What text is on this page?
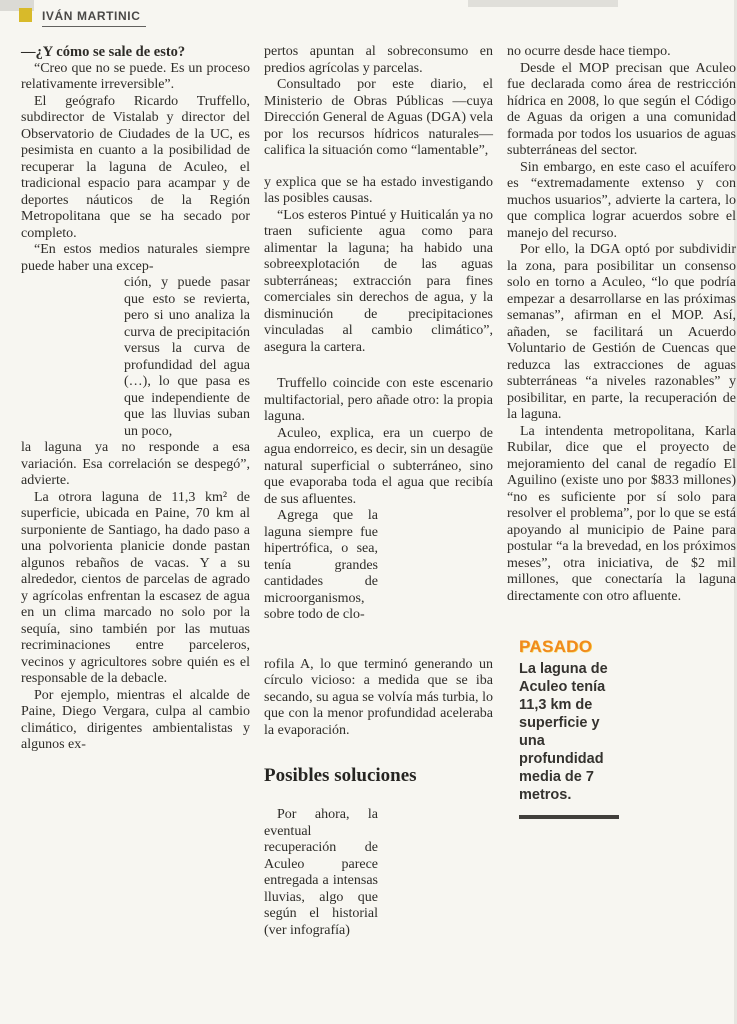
IVÁN MARTINIC

—¿Y cómo se sale de esto?

“Creo que no se puede. Es un proceso relativamente irreversible”.

El geógrafo Ricardo Truffello, subdirector de Vistalab y director del Observatorio de Ciudades de la UC, es pesimista en cuanto a la posibilidad de recuperar la laguna de Aculeo, el tradicional espacio para acampar y de deportes náuticos de la Región Metropolitana que se ha secado por completo.

“En estos medios naturales siempre puede haber una excep-

ción, y puede pasar que esto se revierta, pero si uno analiza la curva de precipitación versus la curva de profundidad del agua (…), lo que pasa es que independiente de que las lluvias suban un poco,

la laguna ya no responde a esa variación. Esa correlación se despegó”, advierte.

La otrora laguna de 11,3 km² de superficie, ubicada en Paine, 70 km al surponiente de Santiago, ha dado paso a una polvorienta planicie donde pastan algunos rebaños de vacas. Y a su alrededor, cientos de parcelas de agrado y agrícolas enfrentan la escasez de agua en un clima marcado no solo por la sequía, sino también por las mutuas recriminaciones entre parceleros, vecinos y agricultores sobre quién es el responsable de la debacle.

Por ejemplo, mientras el alcalde de Paine, Diego Vergara, culpa al cambio climático, dirigentes ambientalistas y algunos ex-

pertos apuntan al sobreconsumo en predios agrícolas y parcelas.

Consultado por este diario, el Ministerio de Obras Públicas —cuya Dirección General de Aguas (DGA) vela por los recursos hídricos naturales— califica la situación como “lamentable”,

y explica que se ha estado investigando las posibles causas.

“Los esteros Pintué y Huiticalán ya no traen suficiente agua como para alimentar la laguna; ha habido una sobreexplotación de las aguas subterráneas; extracción para fines comerciales sin derechos de agua, y la disminución de precipitaciones vinculadas al cambio climático”, asegura la cartera.

Truffello coincide con este escenario multifactorial, pero añade otro: la propia laguna.

Aculeo, explica, era un cuerpo de agua endorreico, es decir, sin un desagüe natural superficial o subterráneo, sino que evaporaba toda el agua que recibía de sus afluentes.

Agrega que la laguna siempre fue hipertrófica, o sea, tenía grandes cantidades de microorganismos, sobre todo de clo-

rofila A, lo que terminó generando un círculo vicioso: a medida que se iba secando, su agua se volvía más turbia, lo que con la menor profundidad aceleraba la evaporación.

Posibles soluciones

Por ahora, la eventual recuperación de Aculeo parece entregada a intensas lluvias, algo que según el historial (ver infografía)

no ocurre desde hace tiempo.

Desde el MOP precisan que Aculeo fue declarada como área de restricción hídrica en 2008, lo que según el Código de Aguas da origen a una comunidad formada por todos los usuarios de aguas subterráneas del sector.

Sin embargo, en este caso el acuífero es “extremadamente extenso y con muchos usuarios”, advierte la cartera, lo que complica lograr acuerdos sobre el manejo del recurso.

Por ello, la DGA optó por subdividir la zona, para posibilitar un consenso solo en torno a Aculeo, “lo que podría empezar a desarrollarse en las próximas semanas”, afirman en el MOP. Así, añaden, se facilitará un Acuerdo Voluntario de Gestión de Cuencas que reduzca las extracciones de aguas subterráneas “a niveles razonables” y posibilitar, en parte, la recuperación de la laguna.

La intendenta metropolitana, Karla Rubilar, dice que el proyecto de mejoramiento del canal de regadío El Aguilino (existe uno por $833 millones) “no es suficiente por sí solo para resolver el problema”, por lo que se está apoyando al municipio de Paine para postular “a la brevedad, en los próximos meses”, otra iniciativa, de $2 mil millones, que conectaría la laguna directamente con otro afluente.

PASADO

La laguna de Aculeo tenía 11,3 km de superficie y una profundidad media de 7 metros.
